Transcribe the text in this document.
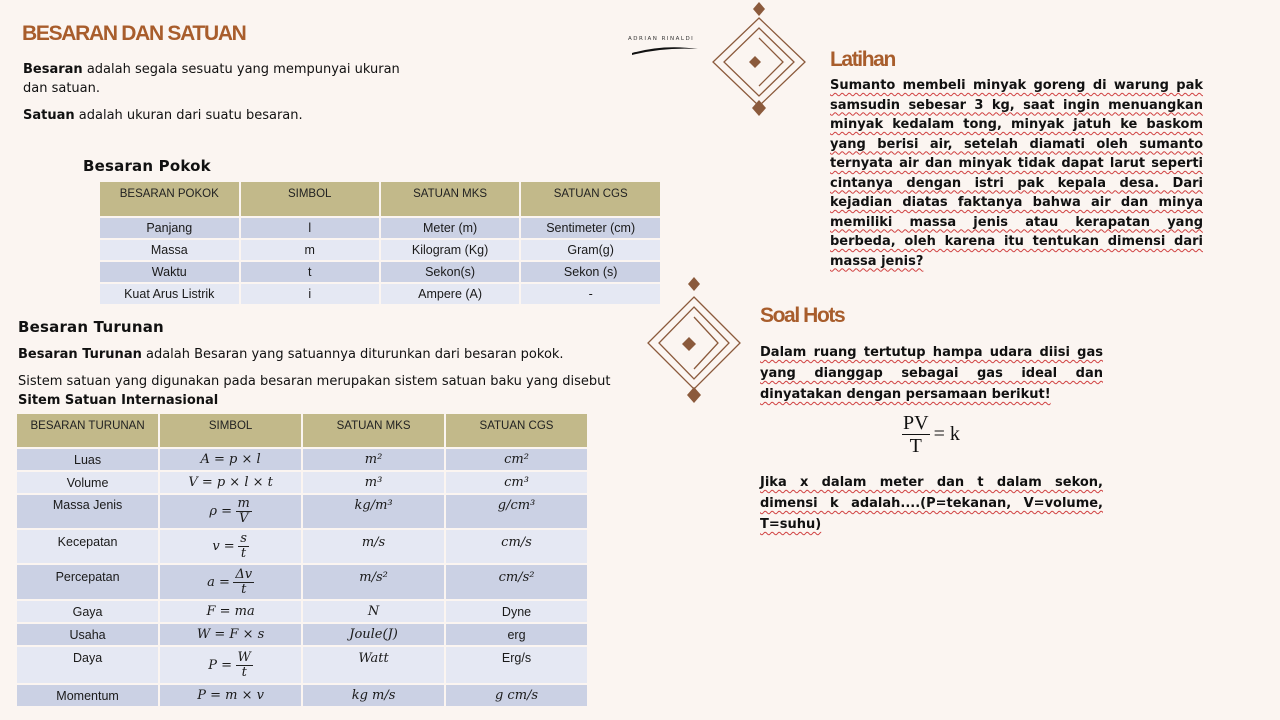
BESARAN DAN SATUAN
Besaran adalah segala sesuatu yang mempunyai ukuran dan satuan.
Satuan adalah ukuran dari suatu besaran.
Besaran Pokok
BESARAN POKOK	SIMBOL	SATUAN MKS	SATUAN CGS
Panjang	l	Meter (m)	Sentimeter (cm)
Massa	m	Kilogram (Kg)	Gram(g)
Waktu	t	Sekon(s)	Sekon (s)
Kuat Arus Listrik	i	Ampere (A)	-
Besaran Turunan
Besaran Turunan adalah Besaran yang satuannya diturunkan dari besaran pokok.
Sistem satuan yang digunakan pada besaran merupakan sistem satuan baku yang disebut
Sitem Satuan Internasional
BESARAN TURUNAN	SIMBOL	SATUAN MKS	SATUAN CGS
Luas	A = p × l	m²	cm²
Volume	V = p × l × t	m³	cm³
Massa Jenis	$\rho = \frac{m}{V}$	kg/m³	g/cm³
Kecepatan	$v = \frac{s}{t}$	m/s	cm/s
Percepatan	$a = \frac{\Delta v}{t}$	m/s²	cm/s²
Gaya	F = ma	N	Dyne
Usaha	W = F × s	Joule(J)	erg
Daya	$P = \frac{W}{t}$	Watt	Erg/s
Momentum	P = m × v	kg m/s	g cm/s
ADRIAN RINALDI
Latihan
Sumanto membeli minyak goreng di warung pak samsudin sebesar 3 kg, saat ingin menuangkan minyak kedalam tong, minyak jatuh ke baskom yang berisi air, setelah diamati oleh sumanto ternyata air dan minyak tidak dapat larut seperti cintanya dengan istri pak kepala desa. Dari kejadian diatas faktanya bahwa air dan minya memiliki massa jenis atau kerapatan yang berbeda, oleh karena itu tentukan dimensi dari massa jenis?
Soal Hots
Dalam ruang tertutup hampa udara diisi gas yang dianggap sebagai gas ideal dan dinyatakan dengan persamaan berikut!
$\frac{PV}{T} = k$
Jika x dalam meter dan t dalam sekon, dimensi k adalah....(P=tekanan, V=volume, T=suhu)
